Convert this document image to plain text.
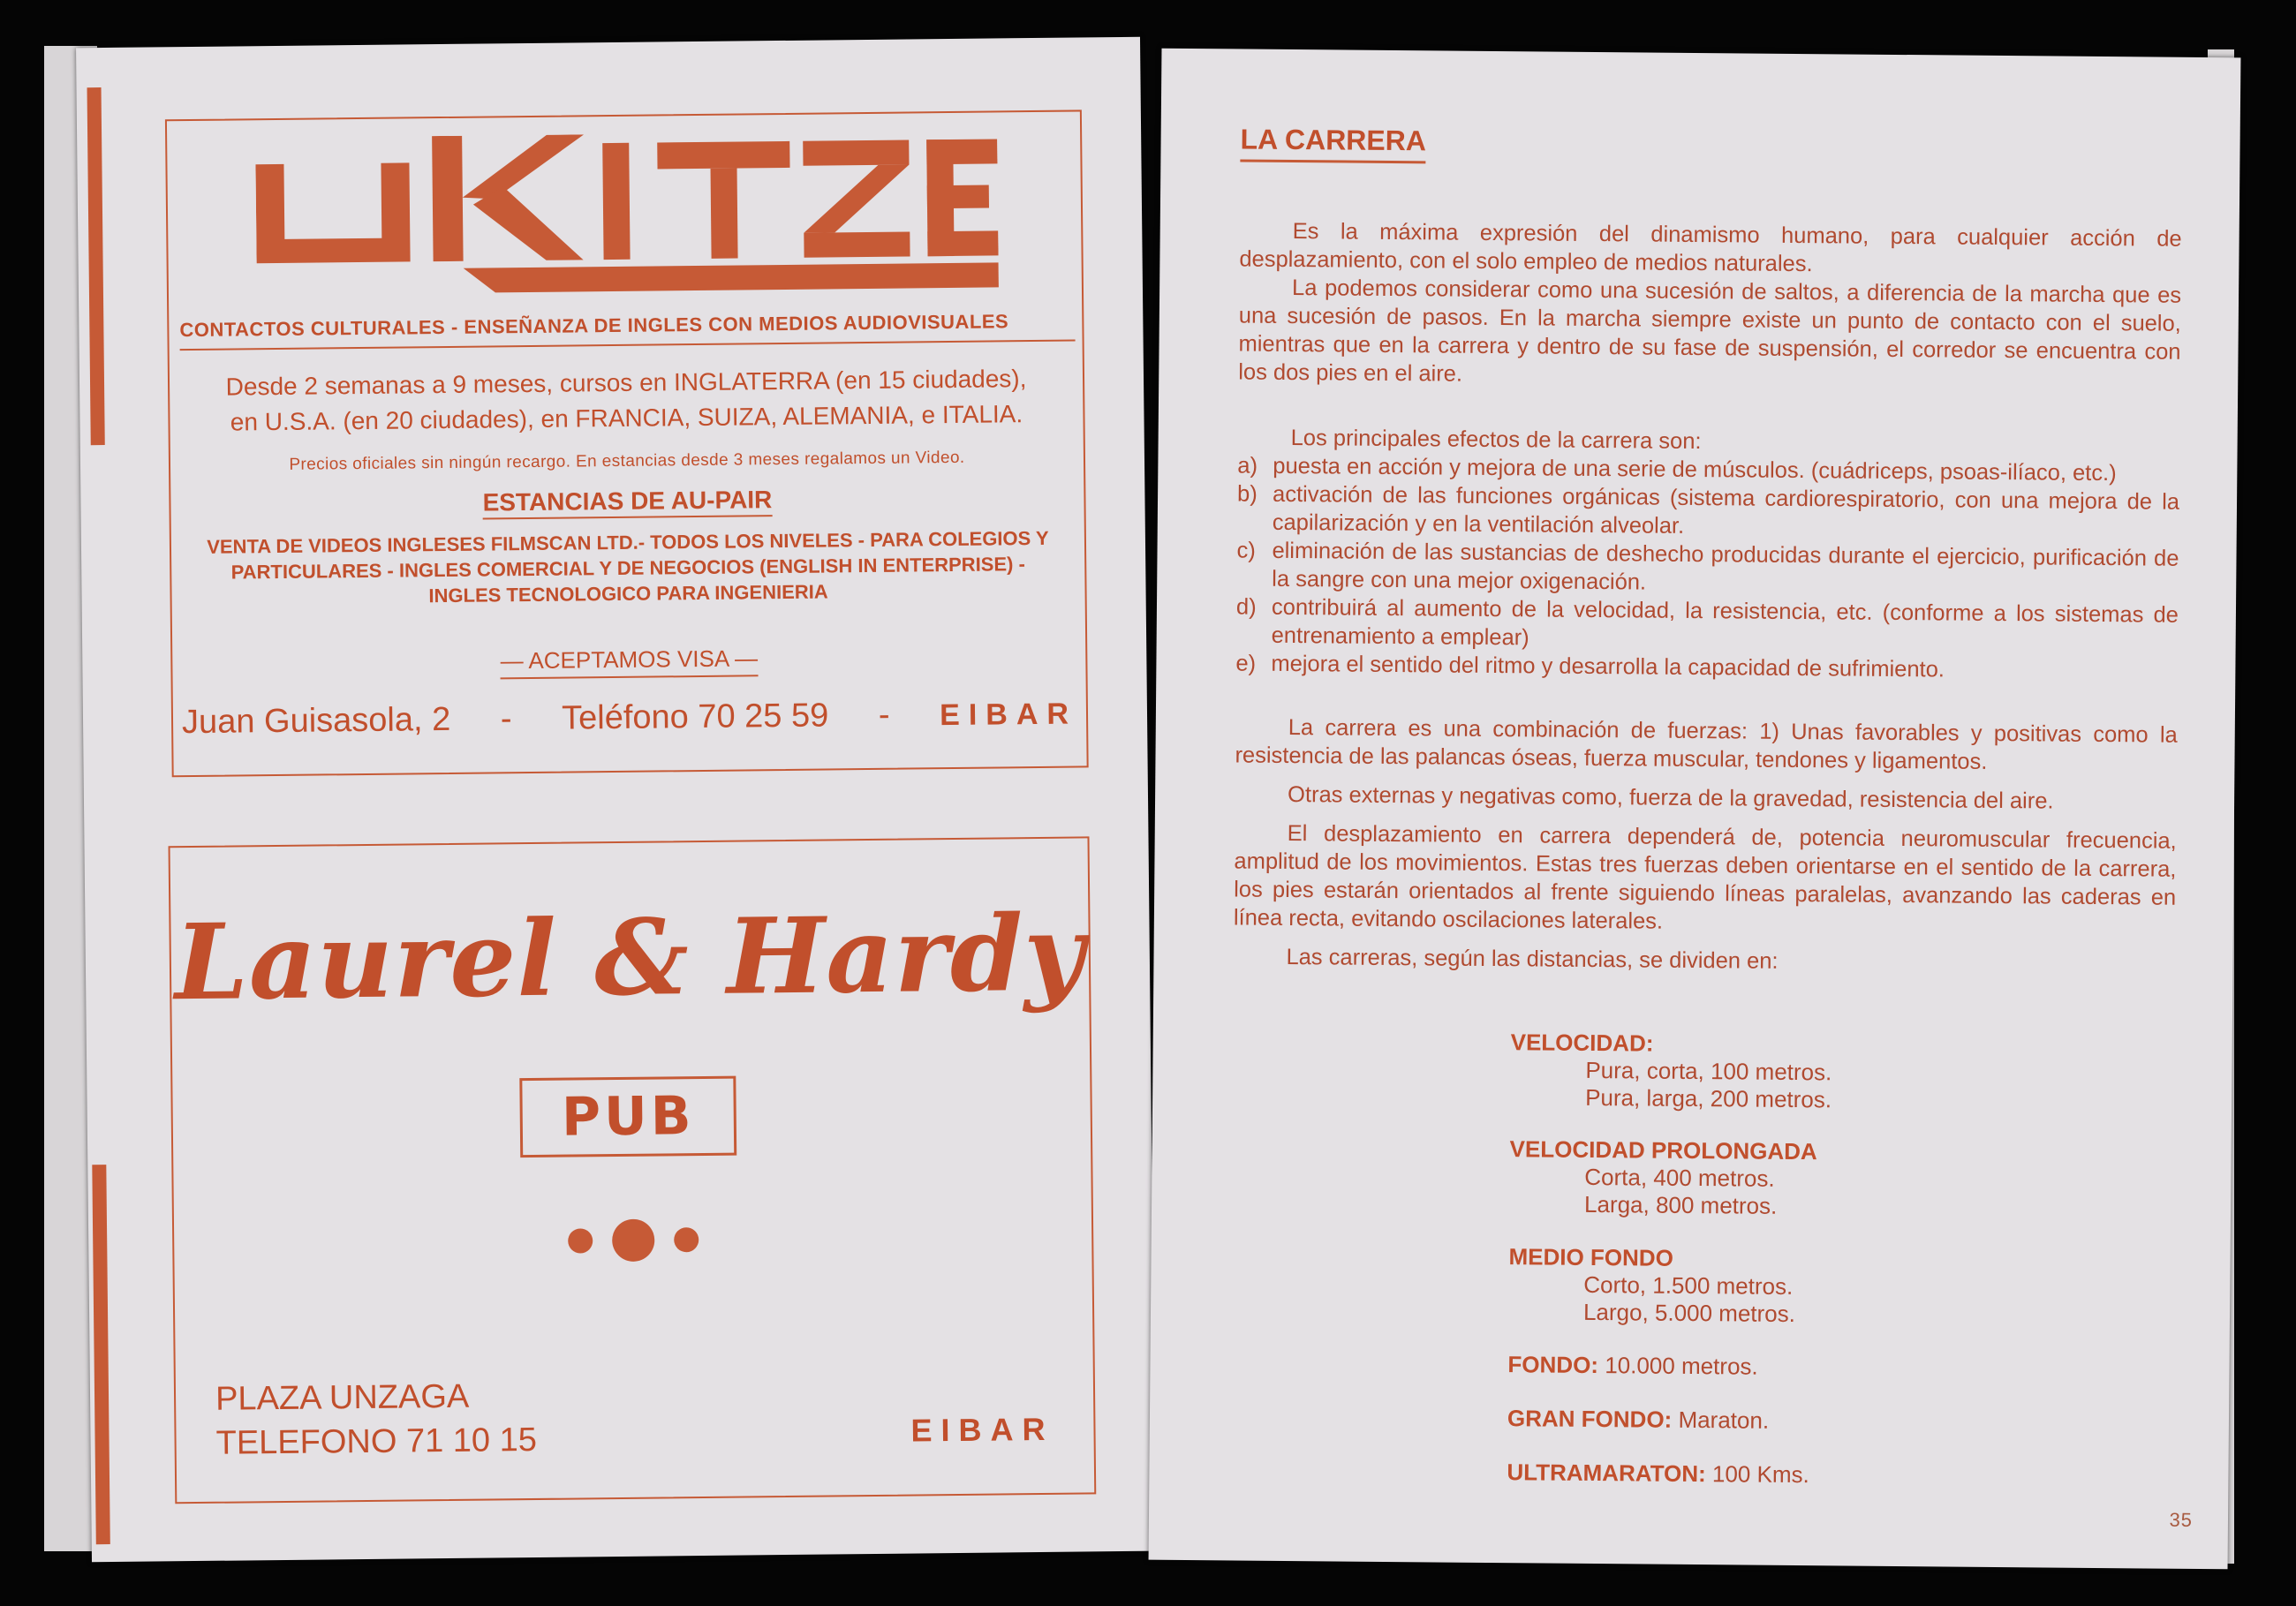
CONTACTOS CULTURALES - ENSEÑANZA DE INGLES CON MEDIOS AUDIOVISUALES
Desde 2 semanas a 9 meses, cursos en INGLATERRA (en 15 ciudades),
en U.S.A. (en 20 ciudades), en FRANCIA, SUIZA, ALEMANIA, e ITALIA.
Precios oficiales sin ningún recargo. En estancias desde 3 meses regalamos un Video.
ESTANCIAS DE AU-PAIR
VENTA DE VIDEOS INGLESES FILMSCAN LTD.- TODOS LOS NIVELES - PARA COLEGIOS Y PARTICULARES - INGLES COMERCIAL Y DE NEGOCIOS (ENGLISH IN ENTERPRISE) - INGLES TECNOLOGICO PARA INGENIERIA
— ACEPTAMOS VISA —
Juan Guisasola, 2 - Teléfono 70 25 59 - EIBAR
Laurel & Hardy
PUB
PLAZA UNZAGA
TELEFONO 71 10 15	EIBAR
LA CARRERA

Es la máxima expresión del dinamismo humano, para cualquier acción de desplazamiento, con el solo empleo de medios naturales.

La podemos considerar como una sucesión de saltos, a diferencia de la marcha que es una sucesión de pasos. En la marcha siempre existe un punto de contacto con el suelo, mientras que en la carrera y dentro de su fase de suspensión, el corredor se encuentra con los dos pies en el aire.

Los principales efectos de la carrera son:

a) puesta en acción y mejora de una serie de músculos. (cuádriceps, psoas-ilíaco, etc.)
b) activación de las funciones orgánicas (sistema cardiorespiratorio, con una mejora de la capilarización y en la ventilación alveolar.
c) eliminación de las sustancias de deshecho producidas durante el ejercicio, purificación de la sangre con una mejor oxigenación.
d) contribuirá al aumento de la velocidad, la resistencia, etc. (conforme a los sistemas de entrenamiento a emplear)
e) mejora el sentido del ritmo y desarrolla la capacidad de sufrimiento.

La carrera es una combinación de fuerzas: 1) Unas favorables y positivas como la resistencia de las palancas óseas, fuerza muscular, tendones y ligamentos.

Otras externas y negativas como, fuerza de la gravedad, resistencia del aire.

El desplazamiento en carrera dependerá de, potencia neuromuscular frecuencia, amplitud de los movimientos. Estas tres fuerzas deben orientarse en el sentido de la carrera, los pies estarán orientados al frente siguiendo líneas paralelas, avanzando las caderas en línea recta, evitando oscilaciones laterales.

Las carreras, según las distancias, se dividen en:

VELOCIDAD:
Pura, corta, 100 metros.
Pura, larga, 200 metros.
VELOCIDAD PROLONGADA
Corta, 400 metros.
Larga, 800 metros.
MEDIO FONDO
Corto, 1.500 metros.
Largo, 5.000 metros.
FONDO: 10.000 metros.
GRAN FONDO: Maraton.
ULTRAMARATON: 100 Kms.
35
